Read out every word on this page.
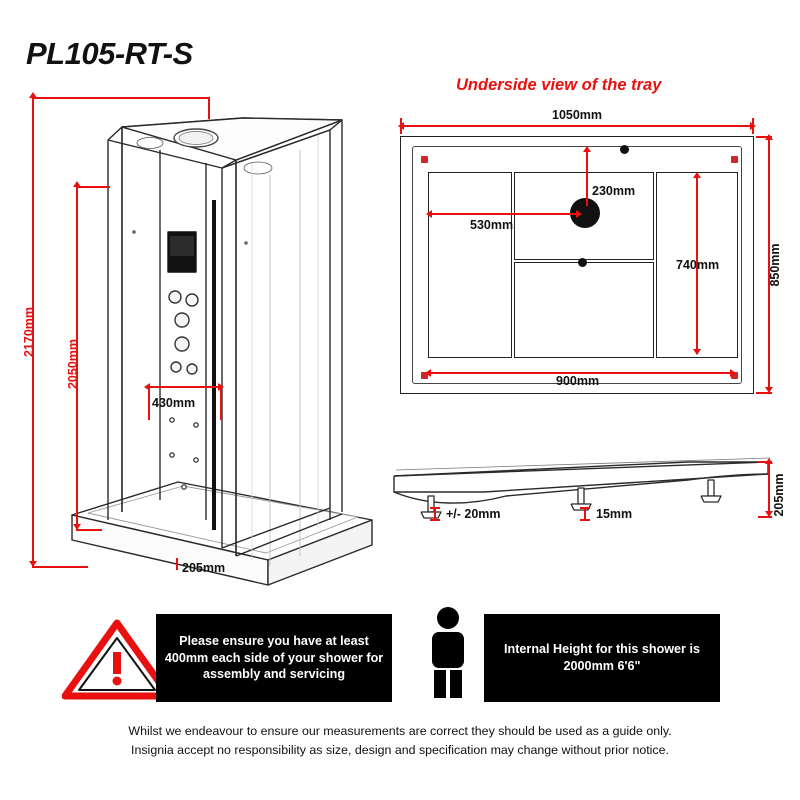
PL105-RT-S
2170mm
2050mm
430mm
205mm
Underside view of the tray
1050mm
530mm
230mm
740mm	850mm
900mm
+/- 20mm	15mm	205mm
Please ensure you have at least 400mm each side of your shower for assembly and servicing
Internal Height for this shower is 2000mm 6'6"
Whilst we endeavour to ensure our measurements are correct they should be used as a guide only.
Insignia accept no responsibility as size, design and specification may change without prior notice.
